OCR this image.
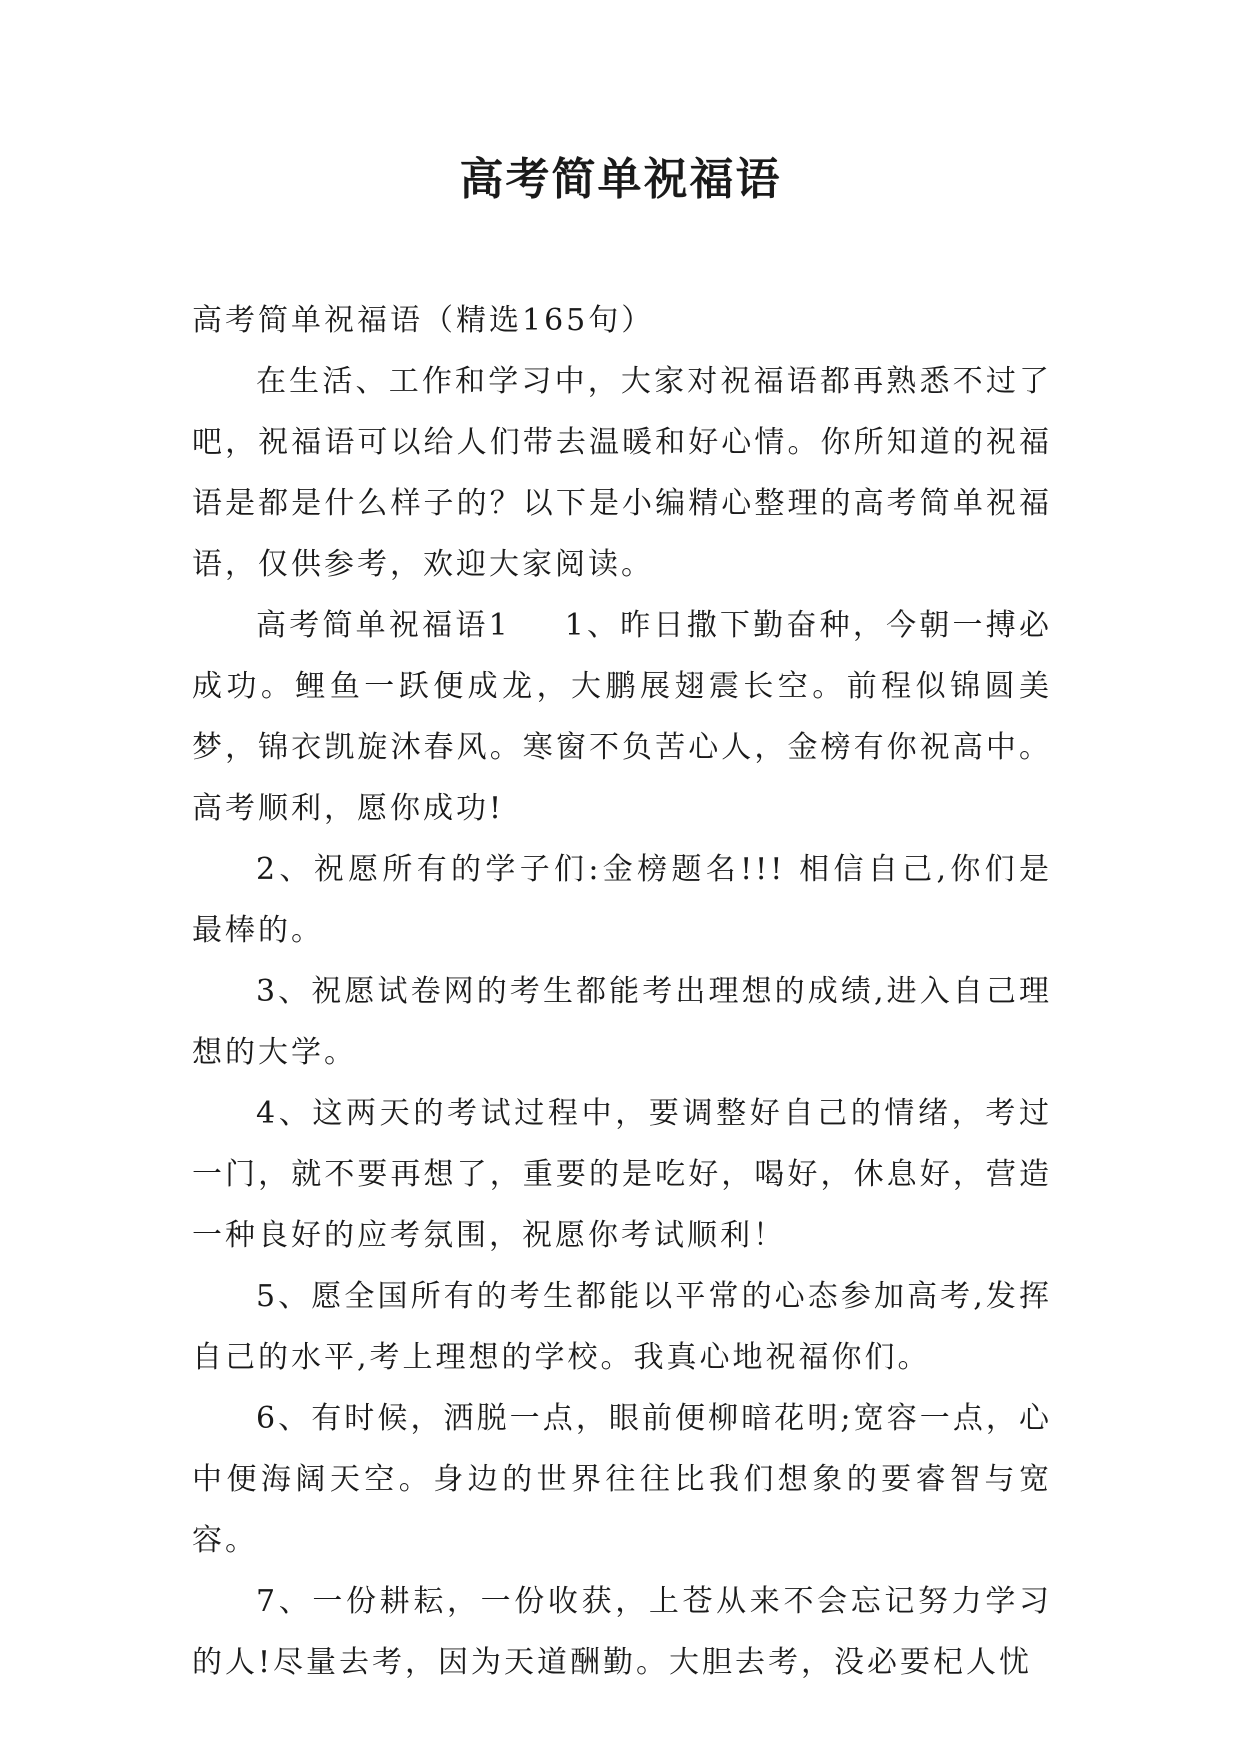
高考简单祝福语

高考简单祝福语（精选165句）

在生活、工作和学习中，大家对祝福语都再熟悉不过了吧，祝福语可以给人们带去温暖和好心情。你所知道的祝福语是都是什么样子的？以下是小编精心整理的高考简单祝福语，仅供参考，欢迎大家阅读。

高考简单祝福语1 1、昨日撒下勤奋种，今朝一搏必成功。鲤鱼一跃便成龙，大鹏展翅震长空。前程似锦圆美梦，锦衣凯旋沐春风。寒窗不负苦心人，金榜有你祝高中。高考顺利，愿你成功!

2、祝愿所有的学子们:金榜题名!!! 相信自己,你们是最棒的。

3、祝愿试卷网的考生都能考出理想的成绩,进入自己理想的大学。

4、这两天的考试过程中，要调整好自己的情绪，考过一门，就不要再想了，重要的是吃好，喝好，休息好，营造一种良好的应考氛围，祝愿你考试顺利！

5、愿全国所有的考生都能以平常的心态参加高考,发挥自己的水平,考上理想的学校。我真心地祝福你们。

6、有时候，洒脱一点，眼前便柳暗花明;宽容一点，心中便海阔天空。身边的世界往往比我们想象的要睿智与宽容。

7、一份耕耘，一份收获，上苍从来不会忘记努力学习的人!尽量去考，因为天道酬勤。大胆去考，没必要杞人忧
